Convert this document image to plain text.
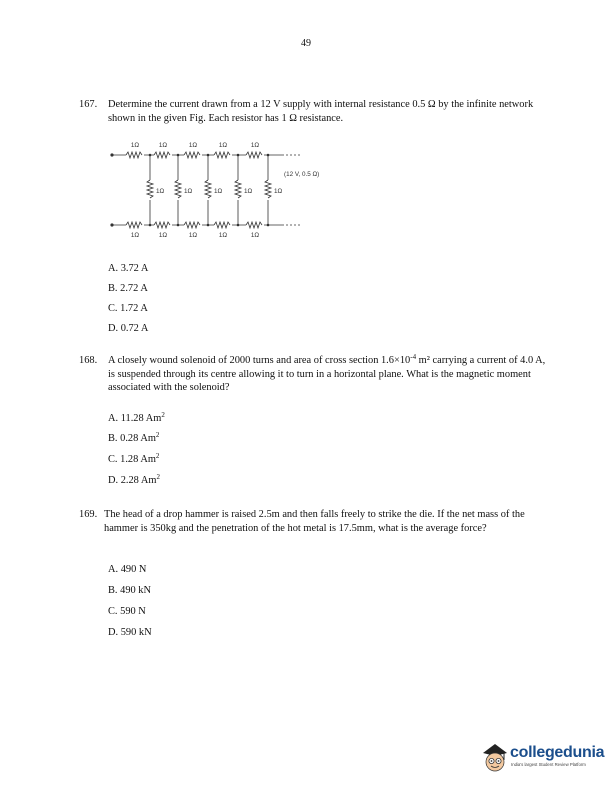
49
167. Determine the current drawn from a 12 V supply with internal resistance 0.5 Ω by the infinite network shown in the given Fig. Each resistor has 1 Ω resistance.
1Ω	1Ω	1Ω	1Ω	1Ω
1Ω	1Ω	1Ω	1Ω	1Ω
1Ω	1Ω	1Ω	1Ω	1Ω
(12 V, 0.5 Ω)
A. 3.72 A
B. 2.72 A
C. 1.72 A
D. 0.72 A
168. A closely wound solenoid of 2000 turns and area of cross section $1.6\times 10^{-4}$ m² carrying a current of 4.0 A, is suspended through its centre allowing it to turn in a horizontal plane. What is the magnetic moment associated with the solenoid?
A. 11.28 Am$^2$
B. 0.28 Am$^2$
C. 1.28 Am$^2$
D. 2.28 Am$^2$
169. The head of a drop hammer is raised 2.5m and then falls freely to strike the die. If the net mass of the hammer is 350kg and the penetration of the hot metal is 17.5mm, what is the average force?
A. 490 N
B. 490 kN
C. 590 N
D. 590 kN
collegedunia
India's largest Student Review Platform
